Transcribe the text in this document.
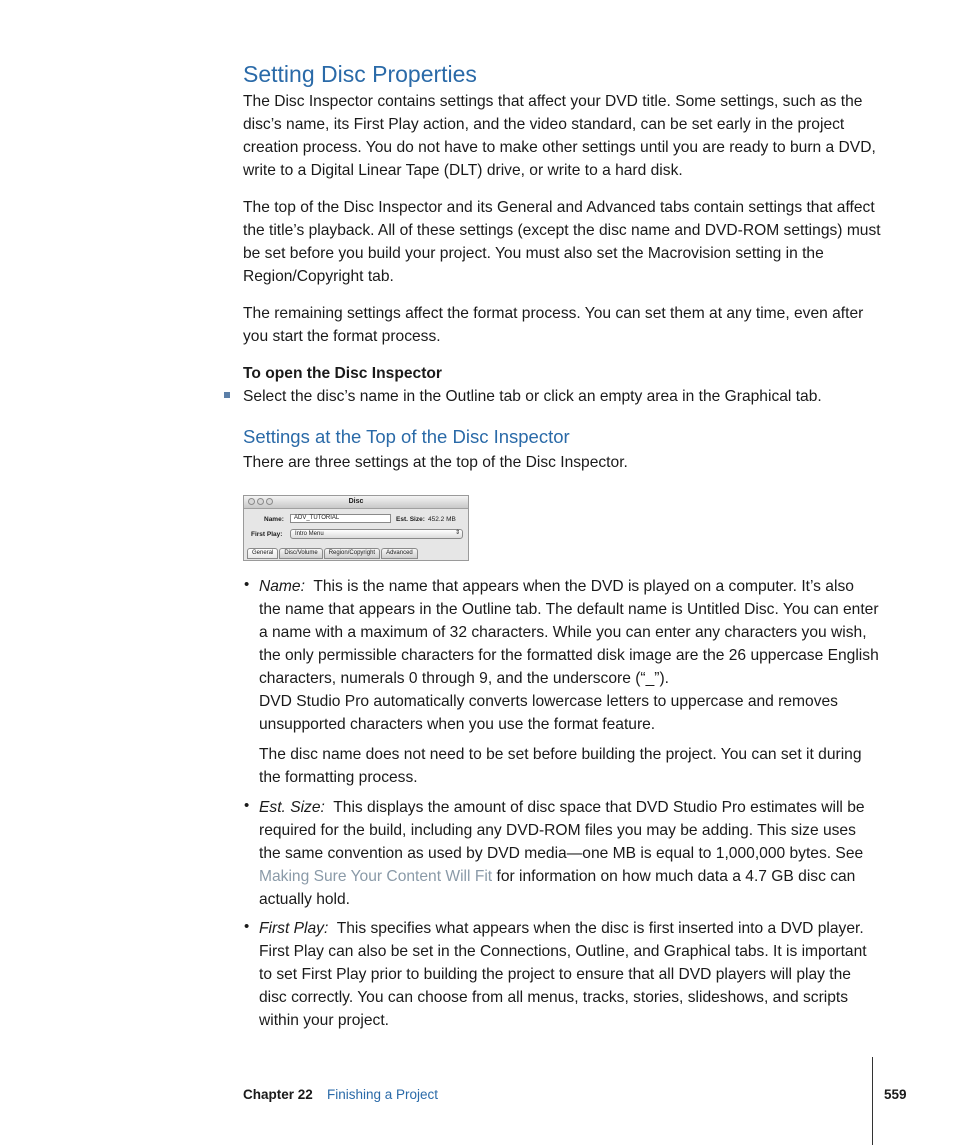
Setting Disc Properties
The Disc Inspector contains settings that affect your DVD title. Some settings, such as the disc’s name, its First Play action, and the video standard, can be set early in the project creation process. You do not have to make other settings until you are ready to burn a DVD, write to a Digital Linear Tape (DLT) drive, or write to a hard disk.
The top of the Disc Inspector and its General and Advanced tabs contain settings that affect the title’s playback. All of these settings (except the disc name and DVD-ROM settings) must be set before you build your project. You must also set the Macrovision setting in the Region/Copyright tab.
The remaining settings affect the format process. You can set them at any time, even after you start the format process.
To open the Disc Inspector
Select the disc’s name in the Outline tab or click an empty area in the Graphical tab.
Settings at the Top of the Disc Inspector
There are three settings at the top of the Disc Inspector.
Disc
Name:	ADV_TUTORIAL	Est. Size: 452.2 MB
First Play:	Intro Menu	⇕
General	Disc/Volume	Region/Copyright	Advanced
• Name: This is the name that appears when the DVD is played on a computer. It’s also the name that appears in the Outline tab. The default name is Untitled Disc. You can enter a name with a maximum of 32 characters. While you can enter any characters you wish, the only permissible characters for the formatted disk image are the 26 uppercase English characters, numerals 0 through 9, and the underscore (“_”).
DVD Studio Pro automatically converts lowercase letters to uppercase and removes unsupported characters when you use the format feature.
The disc name does not need to be set before building the project. You can set it during the formatting process.
• Est. Size: This displays the amount of disc space that DVD Studio Pro estimates will be required for the build, including any DVD-ROM files you may be adding. This size uses the same convention as used by DVD media—one MB is equal to 1,000,000 bytes. See Making Sure Your Content Will Fit for information on how much data a 4.7 GB disc can actually hold.
• First Play: This specifies what appears when the disc is first inserted into a DVD player. First Play can also be set in the Connections, Outline, and Graphical tabs. It is important to set First Play prior to building the project to ensure that all DVD players will play the disc correctly. You can choose from all menus, tracks, stories, slideshows, and scripts within your project.
Chapter 22 Finishing a Project	559
